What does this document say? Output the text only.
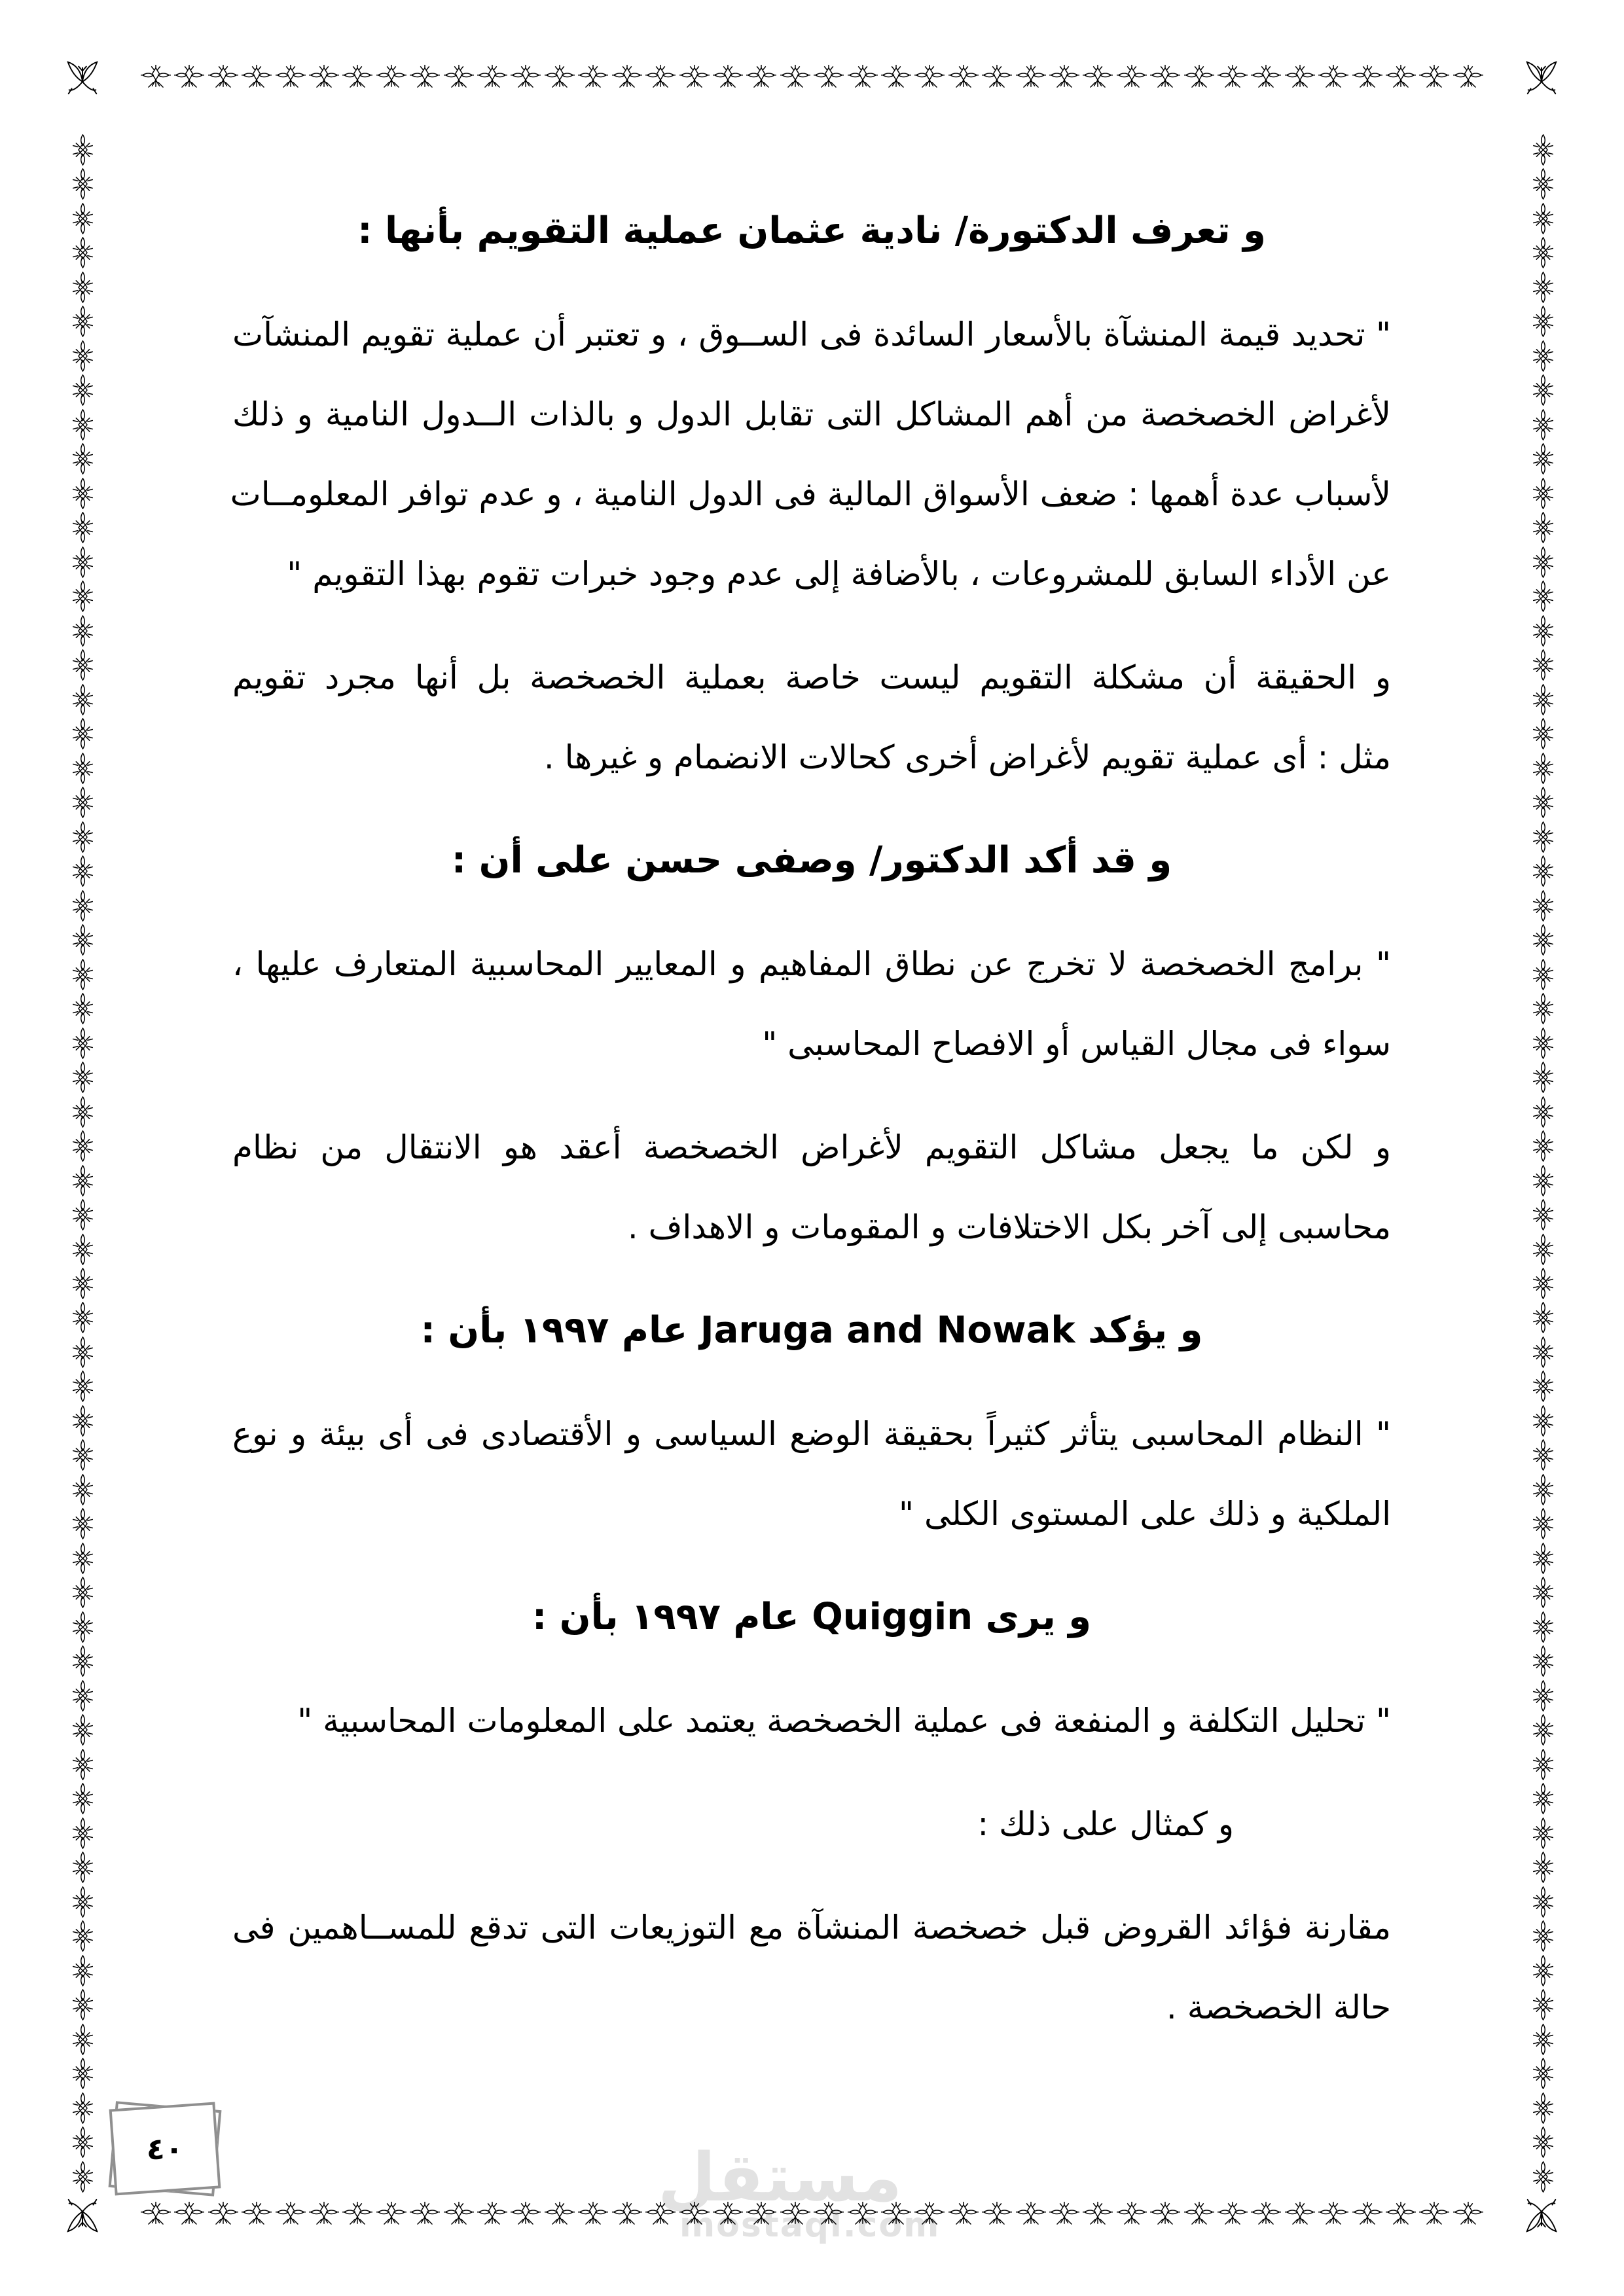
مستقل
mostaql.com
٤٠
و تعرف الدكتورة/ نادية عثمان عملية التقويم بأنها :
" تحديد قيمة المنشآة بالأسعار السائدة فى الســوق ، و تعتبر أن عملية تقويم المنشآت
لأغراض الخصخصة من أهم المشاكل التى تقابل الدول و بالذات الــدول النامية و ذلك
لأسباب عدة أهمها : ضعف الأسواق المالية فى الدول النامية ، و عدم توافر المعلومــات
عن الأداء السابق للمشروعات ، بالأضافة إلى عدم وجود خبرات تقوم بهذا التقويم "
و الحقيقة أن مشكلة التقويم ليست خاصة بعملية الخصخصة بل أنها مجرد تقويم
مثل : أى عملية تقويم لأغراض أخرى كحالات الانضمام و غيرها .
و قد أكد الدكتور/ وصفى حسن على أن :
" برامج الخصخصة لا تخرج عن نطاق المفاهيم و المعايير المحاسبية المتعارف عليها ،
سواء فى مجال القياس أو الافصاح المحاسبى "
و لكن ما يجعل مشاكل التقويم لأغراض الخصخصة أعقد هو الانتقال من نظام
محاسبى إلى آخر بكل الاختلافات و المقومات و الاهداف .
و يؤكد Jaruga and Nowak عام ١٩٩٧ بأن :
" النظام المحاسبى يتأثر كثيراً بحقيقة الوضع السياسى و الأقتصادى فى أى بيئة و نوع
الملكية و ذلك على المستوى الكلى "
و يرى Quiggin عام ١٩٩٧ بأن :
" تحليل التكلفة و المنفعة فى عملية الخصخصة يعتمد على المعلومات المحاسبية "
و كمثال على ذلك :
مقارنة فؤائد القروض قبل خصخصة المنشآة مع التوزيعات التى تدقع للمســاهمين فى
حالة الخصخصة .
